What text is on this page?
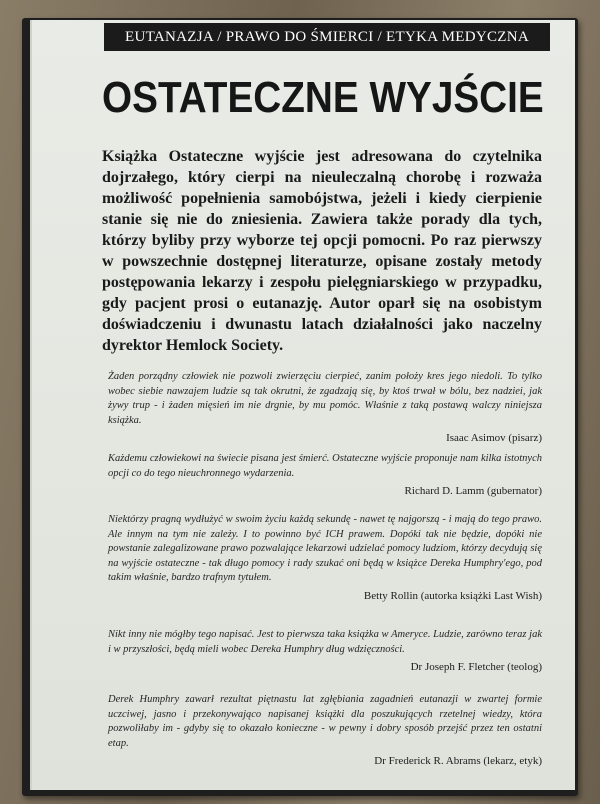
EUTANAZJA / PRAWO DO ŚMIERCI / ETYKA MEDYCZNA
OSTATECZNE WYJŚCIE

Książka Ostateczne wyjście jest adresowana do czytelnika dojrzałego, który cierpi na nieuleczalną chorobę i rozważa możliwość popełnienia samobójstwa, jeżeli i kiedy cierpienie stanie się nie do zniesienia. Zawiera także porady dla tych, którzy byliby przy wyborze tej opcji pomocni. Po raz pierwszy w powszechnie dostępnej literaturze, opisane zostały metody postępowania lekarzy i zespołu pielęgniarskiego w przypadku, gdy pacjent prosi o eutanazję. Autor oparł się na osobistym doświadczeniu i dwunastu latach działalności jako naczelny dyrektor Hemlock Society.

Żaden porządny człowiek nie pozwoli zwierzęciu cierpieć, zanim położy kres jego niedoli. To tylko wobec siebie nawzajem ludzie są tak okrutni, że zgadzają się, by ktoś trwał w bólu, bez nadziei, jak żywy trup - i żaden mięsień im nie drgnie, by mu pomóc. Właśnie z taką postawą walczy niniejsza książka.

Isaac Asimov (pisarz)

Każdemu człowiekowi na świecie pisana jest śmierć. Ostateczne wyjście proponuje nam kilka istotnych opcji co do tego nieuchronnego wydarzenia.

Richard D. Lamm (gubernator)

Niektórzy pragną wydłużyć w swoim życiu każdą sekundę - nawet tę najgorszą - i mają do tego prawo. Ale innym na tym nie zależy. I to powinno być ICH prawem. Dopóki tak nie będzie, dopóki nie powstanie zalegalizowane prawo pozwalające lekarzowi udzielać pomocy ludziom, którzy decydują się na wyjście ostateczne - tak długo pomocy i rady szukać oni będą w książce Dereka Humphry'ego, pod takim właśnie, bardzo trafnym tytułem.

Betty Rollin (autorka książki Last Wish)

Nikt inny nie mógłby tego napisać. Jest to pierwsza taka książka w Ameryce. Ludzie, zarówno teraz jak i w przyszłości, będą mieli wobec Dereka Humphry dług wdzięczności.

Dr Joseph F. Fletcher (teolog)

Derek Humphry zawarł rezultat piętnastu lat zgłębiania zagadnień eutanazji w zwartej formie uczciwej, jasno i przekonywająco napisanej książki dla poszukujących rzetelnej wiedzy, która pozwoliłaby im - gdyby się to okazało konieczne - w pewny i dobry sposób przejść przez ten ostatni etap.

Dr Frederick R. Abrams (lekarz, etyk)
